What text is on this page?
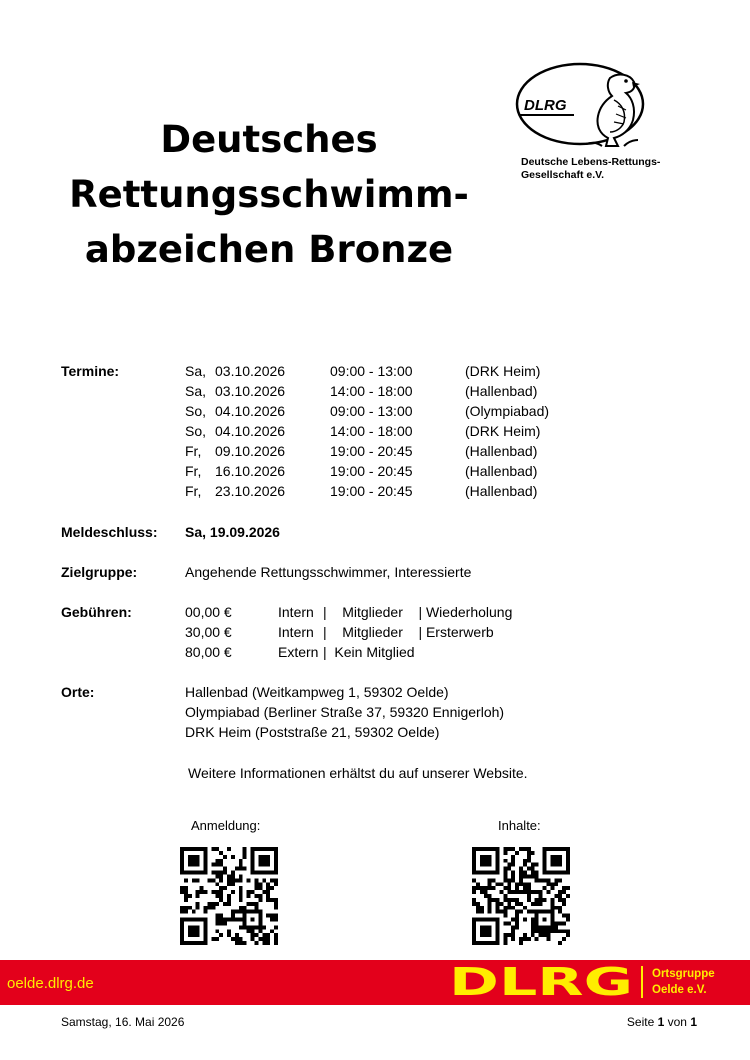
Deutsches
Rettungsschwimm-
abzeichen Bronze
DLRG
Deutsche Lebens-Rettungs-
Gesellschaft e.V.
Termine:	Sa, 03.10.2026	09:00 - 13:00	(DRK Heim)
Sa, 03.10.2026	14:00 - 18:00	(Hallenbad)
So, 04.10.2026	09:00 - 13:00	(Olympiabad)
So, 04.10.2026	14:00 - 18:00	(DRK Heim)
Fr, 09.10.2026	19:00 - 20:45	(Hallenbad)
Fr, 16.10.2026	19:00 - 20:45	(Hallenbad)
Fr, 23.10.2026	19:00 - 20:45	(Hallenbad)
Meldeschluss: Sa, 19.09.2026
Zielgruppe:	Angehende Rettungsschwimmer, Interessierte
Gebühren:	00,00 €	Intern |    Mitglieder    | Wiederholung
30,00 €	Intern |    Mitglieder    | Ersterwerb
80,00 €	Extern |  Kein Mitglied
Orte:	Hallenbad (Weitkampweg 1, 59302 Oelde)
Olympiabad (Berliner Straße 37, 59320 Ennigerloh)
DRK Heim (Poststraße 21, 59302 Oelde)
Weitere Informationen erhältst du auf unserer Website.
Anmeldung:	Inhalte:
oelde.dlrg.de	DLRG Ortsgruppe
Oelde e.V.
Samstag, 16. Mai 2026	Seite 1 von 1
